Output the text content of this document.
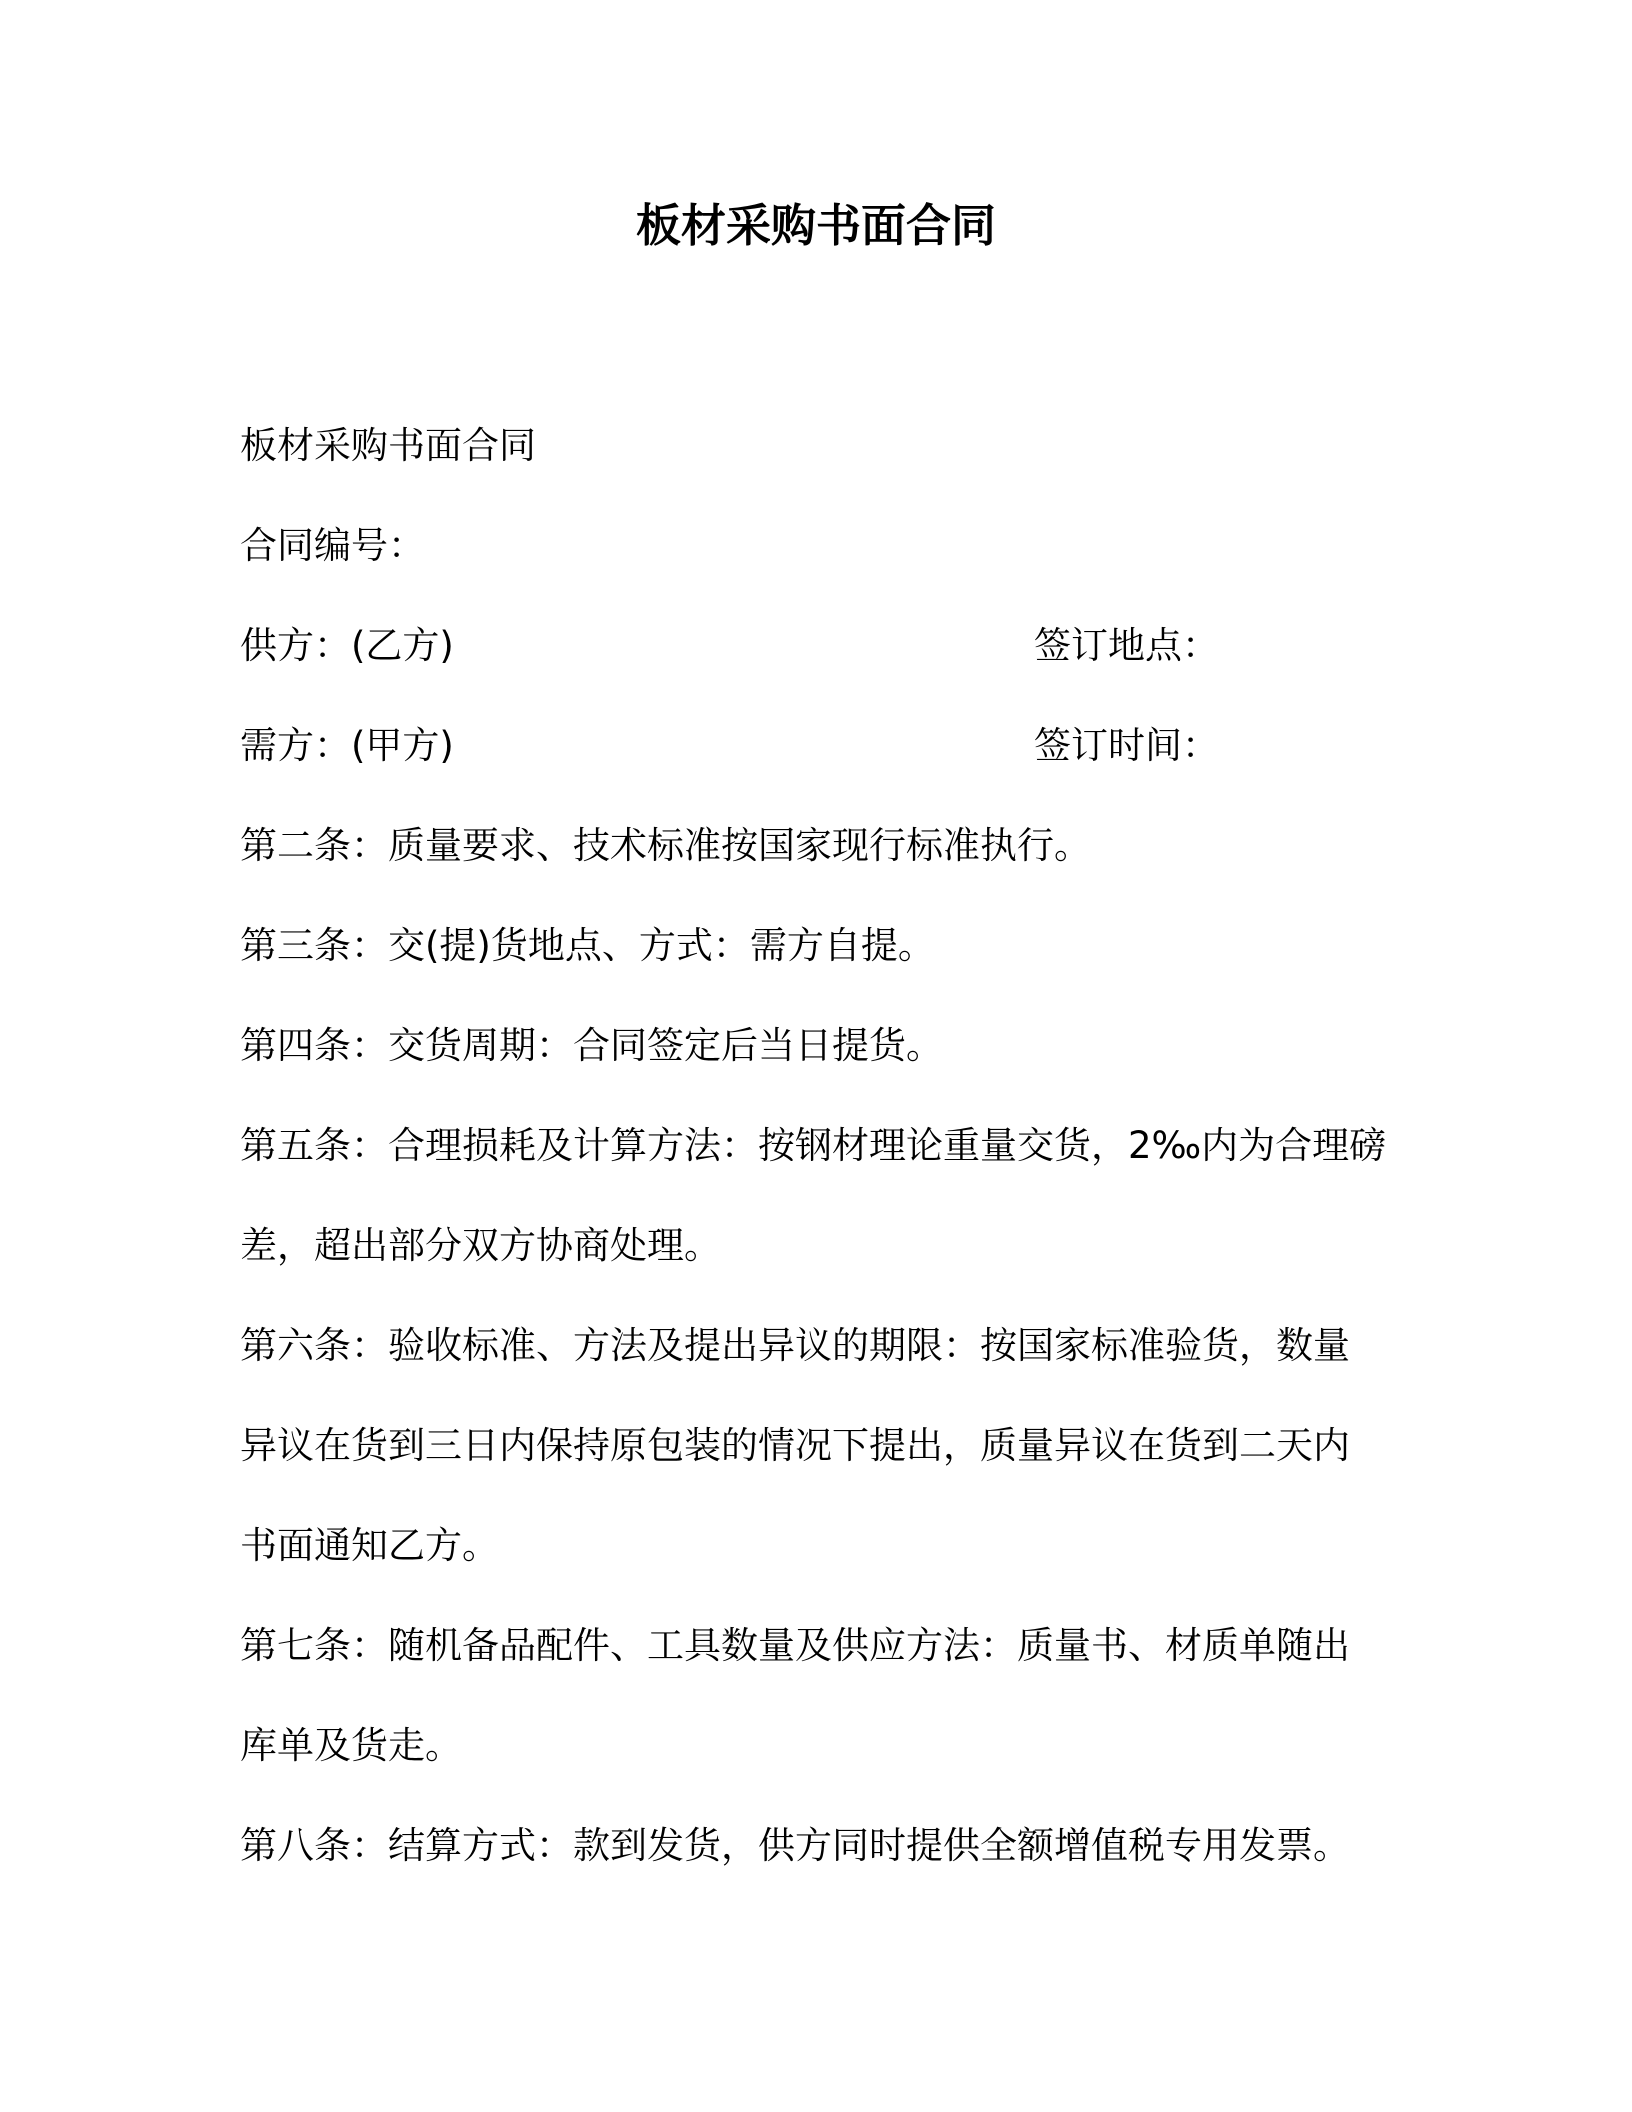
板材采购书面合同

板材采购书面合同

合同编号：

供方：(乙方)	签订地点：
需方：(甲方)	签订时间：

第二条：质量要求、技术标准按国家现行标准执行。

第三条：交(提)货地点、方式：需方自提。

第四条：交货周期：合同签定后当日提货。

第五条：合理损耗及计算方法：按钢材理论重量交货，2‰内为合理磅

差，超出部分双方协商处理。

第六条：验收标准、方法及提出异议的期限：按国家标准验货，数量

异议在货到三日内保持原包装的情况下提出，质量异议在货到二天内

书面通知乙方。

第七条：随机备品配件、工具数量及供应方法：质量书、材质单随出

库单及货走。

第八条：结算方式：款到发货，供方同时提供全额增值税专用发票。
